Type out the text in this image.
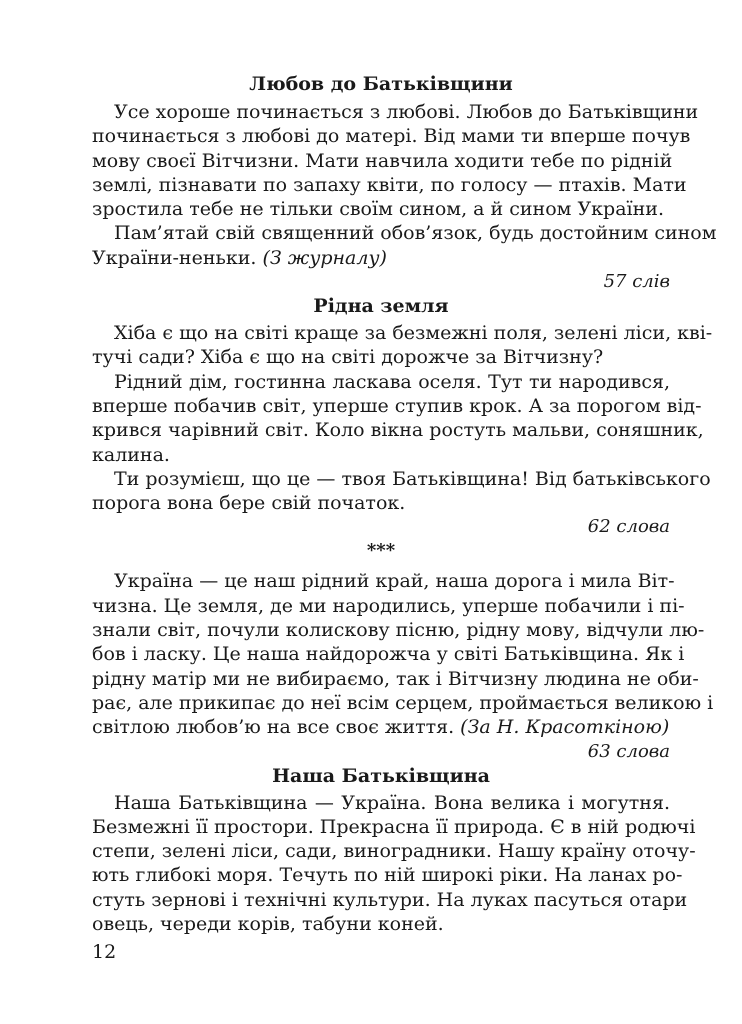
Любов до Батьківщини
Усе хороше починається з любові. Любов до Батьківщини
починається з любові до матері. Від мами ти вперше почув
мову своєї Вітчизни. Мати навчила ходити тебе по рідній
землі, пізнавати по запаху квіти, по голосу — птахів. Мати
зростила тебе не тільки своїм сином, а й сином України.
Пам’ятай свій священний обов’язок, будь достойним сином
України-неньки. (З журналу)
57 слів
Рідна земля
Хіба є що на світі краще за безмежні поля, зелені ліси, кві-
тучі сади? Хіба є що на світі дорожче за Вітчизну?
Рідний дім, гостинна ласкава оселя. Тут ти народився,
вперше побачив світ, уперше ступив крок. А за порогом від-
крився чарівний світ. Коло вікна ростуть мальви, соняшник,
калина.
Ти розумієш, що це — твоя Батьківщина! Від батьківського
порога вона бере свій початок.
62 слова
***
Україна — це наш рідний край, наша дорога і мила Віт-
чизна. Це земля, де ми народились, уперше побачили і пі-
знали світ, почули колискову пісню, рідну мову, відчули лю-
бов і ласку. Це наша найдорожча у світі Батьківщина. Як і
рідну матір ми не вибираємо, так і Вітчизну людина не оби-
рає, але прикипає до неї всім серцем, проймається великою і
світлою любов’ю на все своє життя. (За Н. Красоткіною)
63 слова
Наша Батьківщина
Наша Батьківщина — Україна. Вона велика і могутня.
Безмежні її простори. Прекрасна її природа. Є в ній родючі
степи, зелені ліси, сади, виноградники. Нашу країну оточу-
ють глибокі моря. Течуть по ній широкі ріки. На ланах ро-
стуть зернові і технічні культури. На луках пасуться отари
овець, череди корів, табуни коней.
12
